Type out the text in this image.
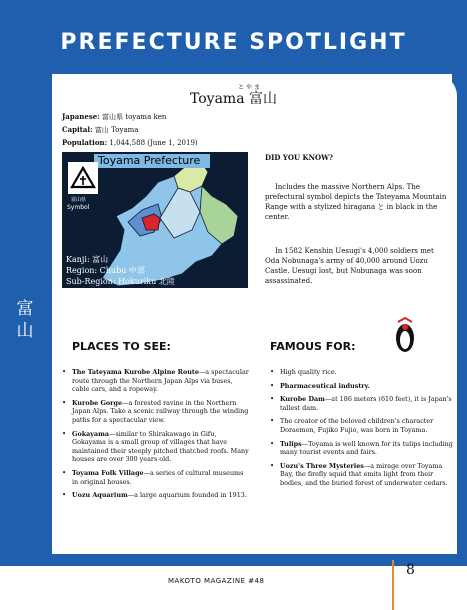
PREFECTURE SPOTLIGHT
富山
とやま
Toyama 富山
Japanese: 富山県 toyama ken
Capital: 富山 Toyama
Population: 1,044,588 (June 1, 2019)
Toyama Prefecture
富山県
Symbol
Kanji: 富山
Region: Chubu 中部
Sub-Region: Hokuriku 北陸
DID YOU KNOW?

Includes the massive Northern Alps. The prefectural symbol depicts the Tateyama Mountain Range with a stylized hiragana と in black in the center.

In 1582 Kenshin Uesugi's 4,000 soldiers met Oda Nobunaga's army of 40,000 around Uozu Castle. Uesugi lost, but Nobunaga was soon assassinated.

PLACES TO SEE:
• The Tateyama Kurobe Alpine Route—a spectacular route through the Northern Japan Alps via buses, cable cars, and a ropeway.
• Kurobe Gorge—a forested ravine in the Northern Japan Alps. Take a scenic railway through the winding paths for a spectacular view.
• Gokayama—similar to Shirakawago in Gifu, Gokayama is a small group of villages that have maintained their steeply pitched thatched roofs. Many houses are over 300 years old.
• Toyama Folk Village—a series of cultural museums in original houses.
• Uozu Aquarium—a large aquarium founded in 1913.
FAMOUS FOR:
• High quality rice.
• Pharmaceutical industry.
• Kurobe Dam—at 186 meters (610 feet), it is Japan's tallest dam.
• The creator of the beloved children's character Doraemon, Fujiko Fujio, was born in Toyama.
• Tulips—Toyama is well known for its tulips including many tourist events and fairs.
• Uozu's Three Mysteries—a mirage over Toyama Bay, the firefly squid that emits light from their bodies, and the buried forest of underwater cedars.
MAKOTO MAGAZINE #48
8
